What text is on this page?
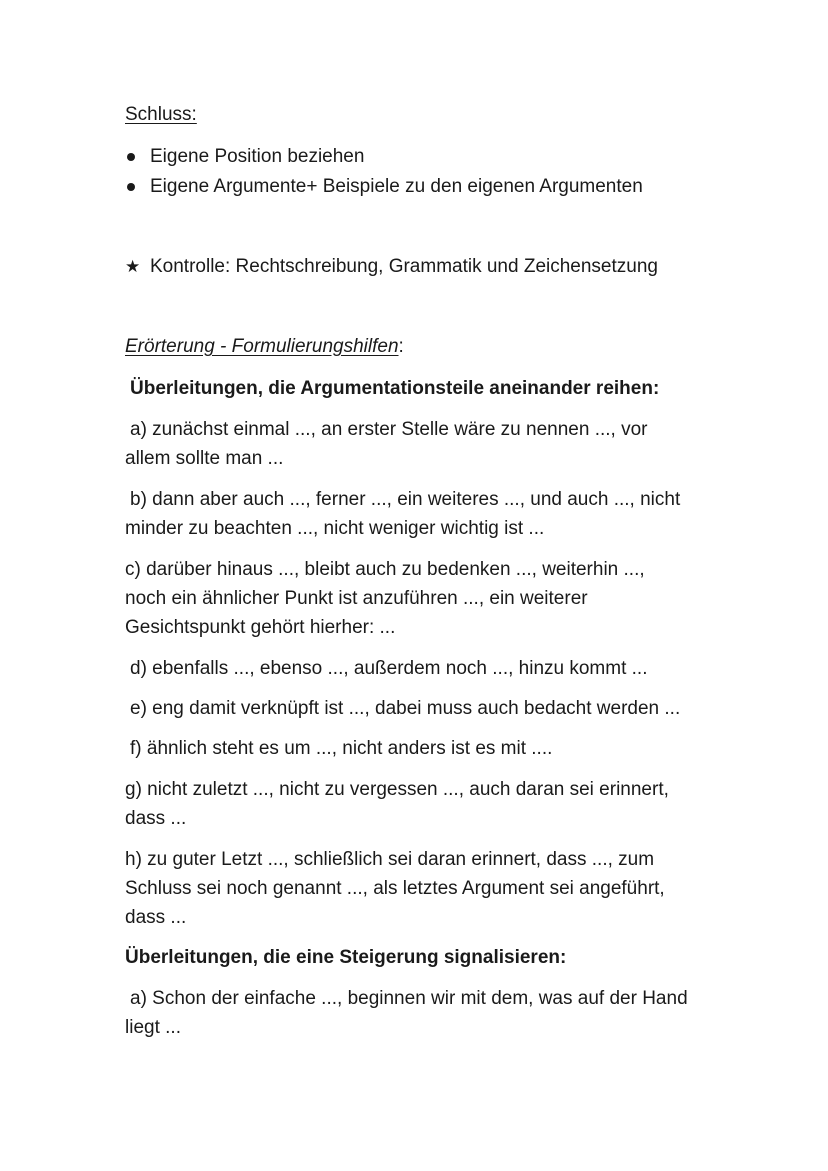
Schluss:
Eigene Position beziehen
Eigene Argumente+ Beispiele zu den eigenen Argumenten
★ Kontrolle: Rechtschreibung, Grammatik und Zeichensetzung
Erörterung - Formulierungshilfen:
Überleitungen, die Argumentationsteile aneinander reihen:
a) zunächst einmal ..., an erster Stelle wäre zu nennen ..., vor
allem sollte man ...
b) dann aber auch ..., ferner ..., ein weiteres ..., und auch ..., nicht
minder zu beachten ..., nicht weniger wichtig ist ...
c) darüber hinaus ..., bleibt auch zu bedenken ..., weiterhin ...,
noch ein ähnlicher Punkt ist anzuführen ..., ein weiterer
Gesichtspunkt gehört hierher: ...
d) ebenfalls ..., ebenso ..., außerdem noch ..., hinzu kommt ...
e) eng damit verknüpft ist ..., dabei muss auch bedacht werden ...
f) ähnlich steht es um ..., nicht anders ist es mit ....
g) nicht zuletzt ..., nicht zu vergessen ..., auch daran sei erinnert,
dass ...
h) zu guter Letzt ..., schließlich sei daran erinnert, dass ..., zum
Schluss sei noch genannt ..., als letztes Argument sei angeführt,
dass ...
Überleitungen, die eine Steigerung signalisieren:
a) Schon der einfache ..., beginnen wir mit dem, was auf der Hand
liegt ...
